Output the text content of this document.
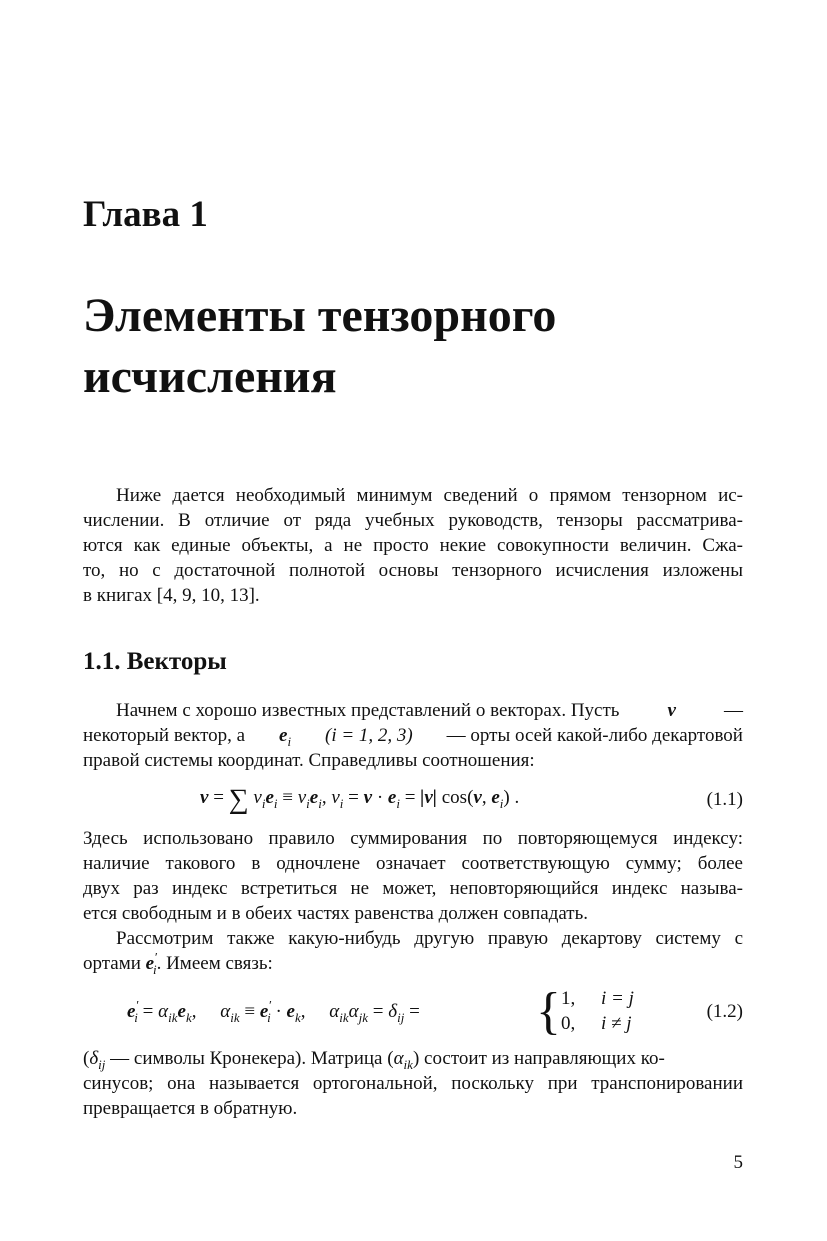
Глава 1
Элементы тензорного
исчисления
Ниже дается необходимый минимум сведений о прямом тензорном ис-
числении. В отличие от ряда учебных руководств, тензоры рассматрива-
ются как единые объекты, а не просто некие совокупности величин. Сжа-
то, но с достаточной полнотой основы тензорного исчисления изложены
в книгах [4, 9, 10, 13].
1.1. Векторы
Начнем с хорошо известных представлений о векторах. Пусть	v	—
некоторый вектор, а $e_i$ (i = 1, 2, 3) — орты осей какой-либо декартовой
правой системы координат. Справедливы соотношения:
v = ∑ $v_ie_i \equiv v_ie_i$, $v_i = v \cdot e_i = |v|$ cos(v, $e_i$) .	(1.1)
Здесь использовано правило суммирования по повторяющемуся индексу:
наличие такового в одночлене означает соответствующую сумму; более
двух раз индекс встретиться не может, неповторяющийся индекс называ-
ется свободным и в обеих частях равенства должен совпадать.
Рассмотрим также какую-нибудь другую правую декартову систему с
ортами $e'_i$. Имеем связь:
$e'_i = \alpha_{ik}e_k$, $\alpha_{ik} \equiv e'_i \cdot e_k$, $\alpha_{ik}\alpha_{jk} = \delta_{ij}$ = { 1, i = j
0, i ≠ j
(1.2)
($\delta_{ij}$ — символы Кронекера). Матрица $(\alpha_{ik})$ состоит из направляющих ко-
синусов; она называется ортогональной, поскольку при транспонировании
превращается в обратную.
5
